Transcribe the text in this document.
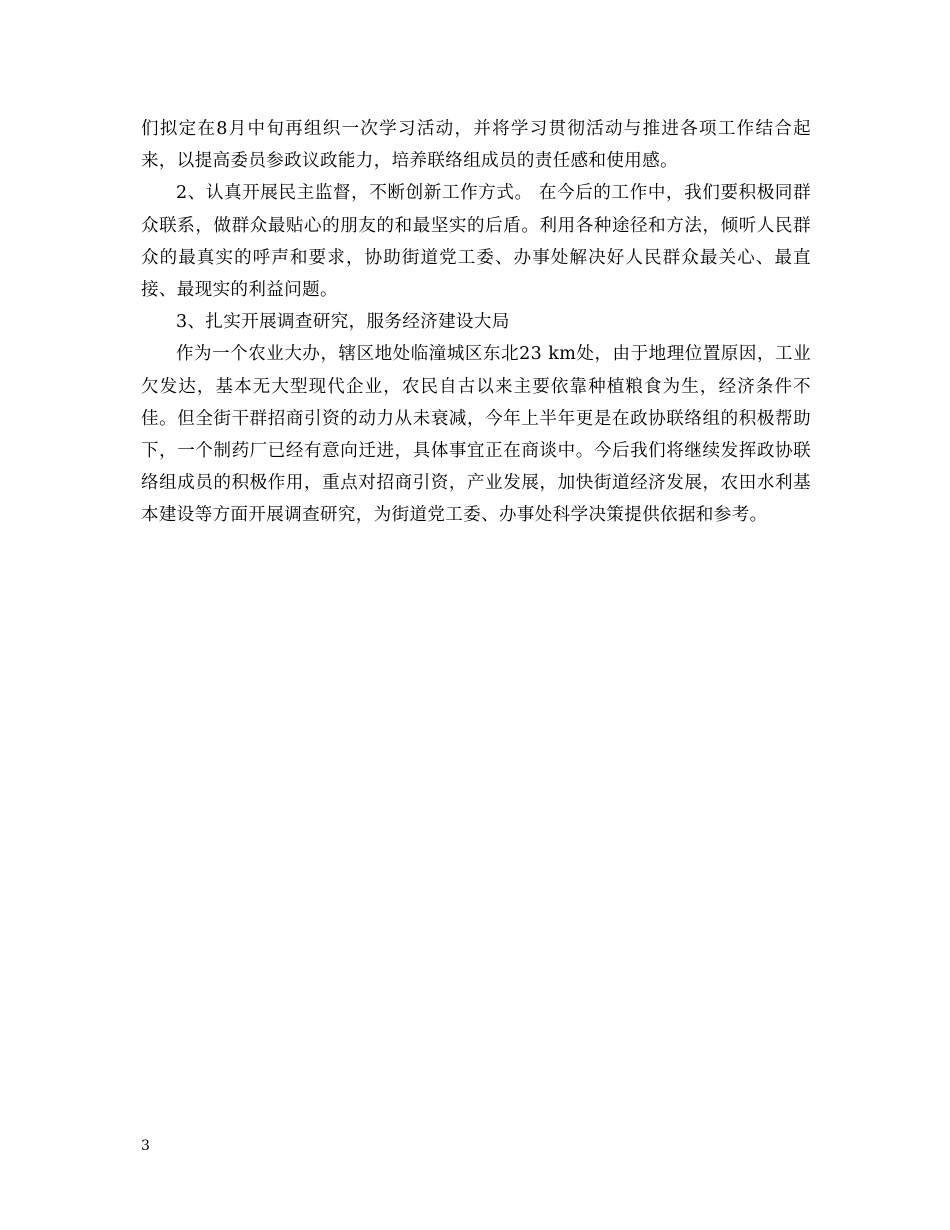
们拟定在8月中旬再组织一次学习活动，并将学习贯彻活动与推进各项工作结合起来，以提高委员参政议政能力，培养联络组成员的责任感和使用感。

2、认真开展民主监督，不断创新工作方式。 在今后的工作中，我们要积极同群众联系，做群众最贴心的朋友的和最坚实的后盾。利用各种途径和方法，倾听人民群众的最真实的呼声和要求，协助街道党工委、办事处解决好人民群众最关心、最直接、最现实的利益问题。

3、扎实开展调查研究，服务经济建设大局

作为一个农业大办，辖区地处临潼城区东北23 km处，由于地理位置原因，工业欠发达，基本无大型现代企业，农民自古以来主要依靠种植粮食为生，经济条件不佳。但全街干群招商引资的动力从未衰减，今年上半年更是在政协联络组的积极帮助下，一个制药厂已经有意向迁进，具体事宜正在商谈中。今后我们将继续发挥政协联络组成员的积极作用，重点对招商引资，产业发展，加快街道经济发展，农田水利基本建设等方面开展调查研究，为街道党工委、办事处科学决策提供依据和参考。

3
